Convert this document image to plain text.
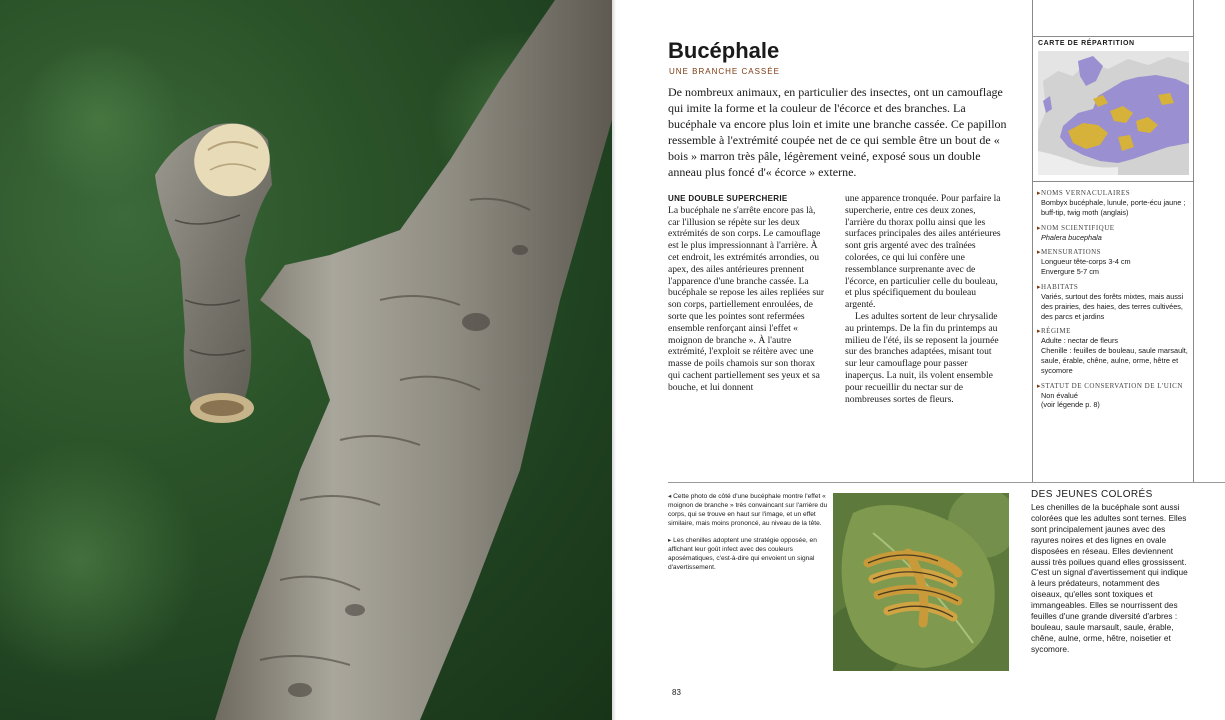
Bucéphale
UNE BRANCHE CASSÉE

De nombreux animaux, en particulier des insectes, ont un camouflage qui imite la forme et la couleur de l'écorce et des branches. La bucéphale va encore plus loin et imite une branche cassée. Ce papillon ressemble à l'extrémité coupée net de ce qui semble être un bout de « bois » marron très pâle, légèrement veiné, exposé sous un double anneau plus foncé d'« écorce » externe.

UNE DOUBLE SUPERCHERIE
La bucéphale ne s'arrête encore pas là, car l'illusion se répète sur les deux extrémités de son corps. Le camouflage est le plus impressionnant à l'arrière. À cet endroit, les extrémités arrondies, ou apex, des ailes antérieures prennent l'apparence d'une branche cassée. La bucéphale se repose les ailes repliées sur son corps, partiellement enroulées, de sorte que les pointes sont refermées ensemble renforçant ainsi l'effet « moignon de branche ». À l'autre extrémité, l'exploit se réitère avec une masse de poils chamois sur son thorax qui cachent partiellement ses yeux et sa bouche, et lui donnent

une apparence tronquée. Pour parfaire la supercherie, entre ces deux zones, l'arrière du thorax pollu ainsi que les surfaces principales des ailes antérieures sont gris argenté avec des traînées colorées, ce qui lui confère une ressemblance surprenante avec de l'écorce, en particulier celle du bouleau, et plus spécifiquement du bouleau argenté.

Les adultes sortent de leur chrysalide au printemps. De la fin du printemps au milieu de l'été, ils se reposent la journée sur des branches adaptées, misant tout sur leur camouflage pour passer inaperçus. La nuit, ils volent ensemble pour recueillir du nectar sur de nombreuses sortes de fleurs.

CARTE DE RÉPARTITION
▸ NOMS VERNACULAIRES
Bombyx bucéphale, lunule, porte-écu jaune ; buff-tip, twig moth (anglais)
▸ NOM SCIENTIFIQUE
Phalera bucephala
▸ MENSURATIONS
Longueur tête-corps 3-4 cm
Envergure 5-7 cm
▸ HABITATS
Variés, surtout des forêts mixtes, mais aussi des prairies, des haies, des terres cultivées, des parcs et jardins
▸ RÉGIME
Adulte : nectar de fleurs
Chenille : feuilles de bouleau, saule marsault, saule, érable, chêne, aulne, orme, hêtre et sycomore
▸ STATUT DE CONSERVATION DE L'UICN
Non évalué
(voir légende p. 8)

◂ Cette photo de côté d'une bucéphale montre l'effet « moignon de branche » très convaincant sur l'arrière du corps, qui se trouve en haut sur l'image, et un effet similaire, mais moins prononcé, au niveau de la tête.

▸ Les chenilles adoptent une stratégie opposée, en affichant leur goût infect avec des couleurs aposématiques, c'est-à-dire qui envoient un signal d'avertissement.

DES JEUNES COLORÉS

Les chenilles de la bucéphale sont aussi colorées que les adultes sont ternes. Elles sont principalement jaunes avec des rayures noires et des lignes en ovale disposées en réseau. Elles deviennent aussi très poilues quand elles grossissent. C'est un signal d'avertissement qui indique à leurs prédateurs, notamment des oiseaux, qu'elles sont toxiques et immangeables. Elles se nourrissent des feuilles d'une grande diversité d'arbres : bouleau, saule marsault, saule, érable, chêne, aulne, orme, hêtre, noisetier et sycomore.

83
